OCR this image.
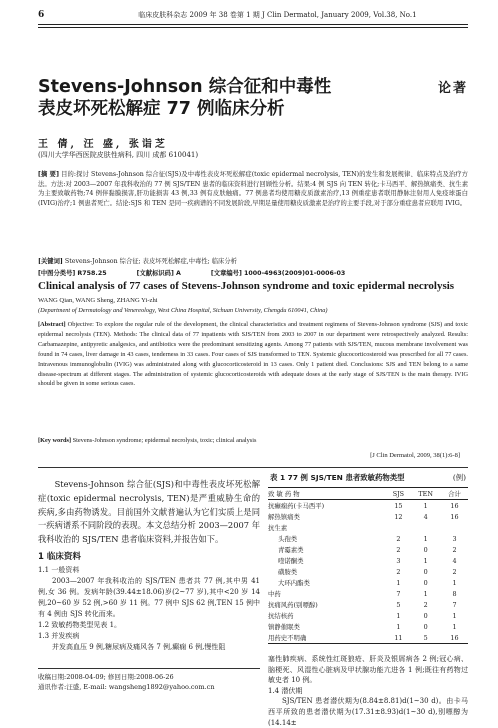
6	临床皮肤科杂志 2009 年 38 卷第 1 期 J Clin Dermatol, January 2009, Vol.38, No.1
论著
Stevens-Johnson 综合征和中毒性
表皮坏死松解症 77 例临床分析
王 倩, 汪 盛, 张诣芝
(四川大学华西医院皮肤性病科, 四川 成都 610041)
[摘 要] 目的:探讨 Stevens-Johnson 综合征(SJS)及中毒性表皮坏死松解症(toxic epidermal necrolysis, TEN)的发生和发展规律、临床特点及治疗方法。方法:对 2003—2007 年我科收治的 77 例 SJS/TEN 患者的临床资料进行回顾性分析。结果:4 例 SJS 向 TEN 转化;卡马西平、解热镇痛类、抗生素为主要致敏药物;74 例伴黏膜损害,肝功能损害 43 例,33 例有皮肤触痛。77 例患者均使用糖皮质激素治疗,13 例重症患者联用静脉注射用人免疫球蛋白(IVIG)治疗;1 例患者死亡。结论:SJS 和 TEN 是同一疾病谱的不同发展阶段,早期足量使用糖皮质激素是治疗的主要手段,对于部分重症患者应联用 IVIG。
[关键词] Stevens-Johnson 综合征; 表皮坏死松解症,中毒性; 临床分析
[中图分类号] R758.25	[文献标识码] A	[文章编号] 1000-4963(2009)01-0006-03
Clinical analysis of 77 cases of Stevens-Johnson syndrome and toxic epidermal necrolysis
WANG Qian, WANG Sheng, ZHANG Yi-zhi
(Department of Dermatology and Venereology, West China Hospital, Sichuan University, Chengdu 610041, China)
[Abstract] Objective: To explore the regular rule of the development, the clinical characteristics and treatment regimens of Stevens-Johnson syndrome (SJS) and toxic epidermal necrolysis (TEN). Methods: The clinical data of 77 inpatients with SJS/TEN from 2003 to 2007 in our department were retrospectively analyzed. Results: Carbamazepine, antipyretic analgesics, and antibiotics were the predominant sensitizing agents. Among 77 patients with SJS/TEN, mucous membrane involvement was found in 74 cases, liver damage in 43 cases, tenderness in 33 cases. Four cases of SJS transformed to TEN. Systemic glucocorticosteroid was prescribed for all 77 cases. Intravenous immunoglobulin (IVIG) was administrated along with glucocorticosteroid in 13 cases. Only 1 patient died. Conclusions: SJS and TEN belong to a same disease-spectrum at different stages. The administration of systemic glucocorticosteroids with adequate doses at the early stage of SJS/TEN is the main therapy. IVIG should be given in some serious cases.
[Key words] Stevens-Johnson syndrome; epidermal necrolysis, toxic; clinical analysis
[J Clin Dermatol, 2009, 38(1):6-8]

Stevens-Johnson 综合征(SJS)和中毒性表皮坏死松解症(toxic epidermal necrolysis, TEN)是严重威胁生命的疾病,多由药物诱发。目前国外文献普遍认为它们实质上是同一疾病谱系不同阶段的表现。本文总结分析 2003—2007 年我科收治的 SJS/TEN 患者临床资料,并报告如下。

1 临床资料

1.1 一般资料

2003—2007 年我科收治的 SJS/TEN 患者共 77 例,其中男 41 例,女 36 例。发病年龄(39.44±18.06)岁(2~77 岁),其中<20 岁 14 例,20~60 岁 52 例,>60 岁 11 例。77 例中 SJS 62 例,TEN 15 例中有 4 例由 SJS 转化而来。

1.2 致敏药物类型见表 1。

1.3 并发疾病

并发高血压 9 例,糖尿病及痛风各 7 例,癫痫 6 例,慢性阻

收稿日期:2008-04-09; 修回日期:2008-06-26
通讯作者:汪盛, E-mail: wangsheng1892@yahoo.com.cn
表 1 77 例 SJS/TEN 患者致敏药物类型	(例)
致 敏 药 物	SJS	TEN	合计
抗癫痫药(卡马西平)	15	1	16
解热镇痛类	12	4	16
抗生素			
头孢类	2	1	3
青霉素类	2	0	2
喹诺酮类	3	1	4
磺胺类	2	0	2
大环内酯类	1	0	1
中药	7	1	8
抗痛风药(别嘌醇)	5	2	7
抗结核药	1	0	1
镇静催眠类	1	0	1
用药史不明确	11	5	16

塞性肺疾病、系统性红斑狼疮、肝炎及银屑病各 2 例;冠心病、脑梗死、风湿性心脏病及甲状腺功能亢进各 1 例;既往有药物过敏史者 10 例。

1.4 潜伏期

SJS/TEN 患者潜伏期为(8.84±8.81)d(1~30 d)。由卡马西平所致的患者潜伏期为(17.31±8.93)d(1~30 d),别嘌醇为(14.14±
